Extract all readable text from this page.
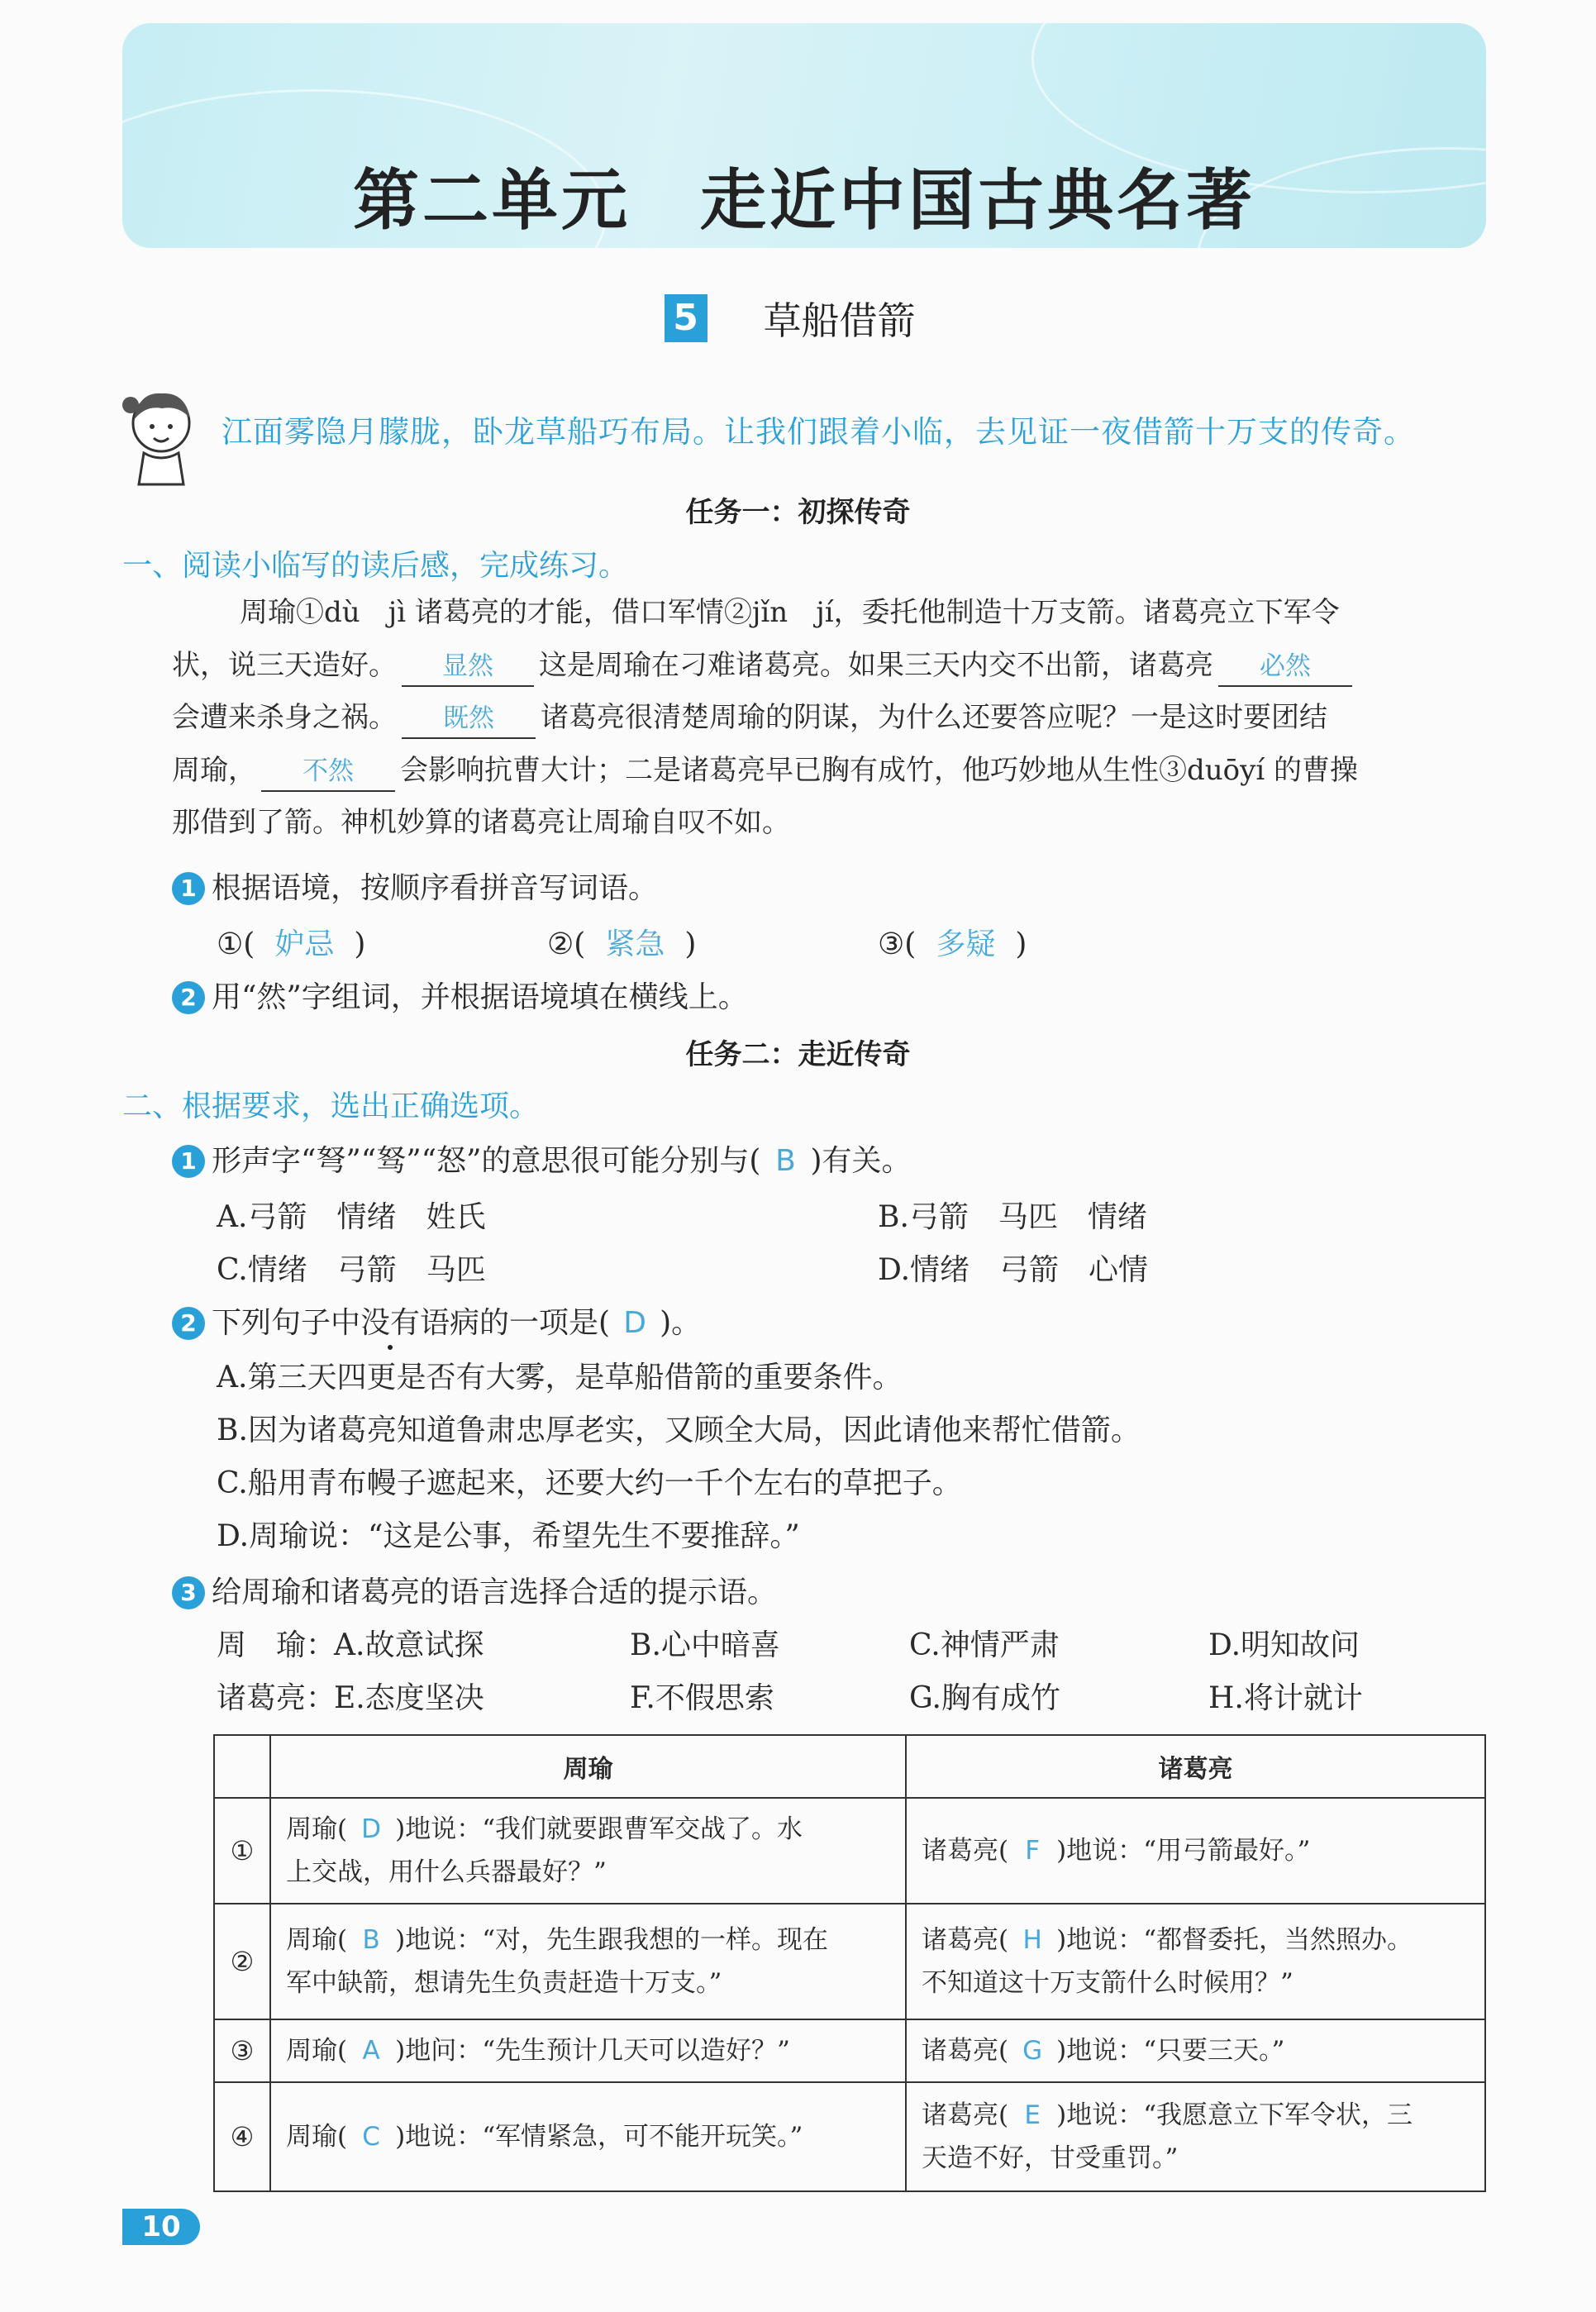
第二单元　走近中国古典名著
5 草船借箭
江面雾隐月朦胧，卧龙草船巧布局。让我们跟着小临，去见证一夜借箭十万支的传奇。
任务一：初探传奇
一、阅读小临写的读后感，完成练习。
周瑜①dù　jì 诸葛亮的才能，借口军情②jǐn　jí，委托他制造十万支箭。诸葛亮立下军令
状，说三天造好。 显然 这是周瑜在刁难诸葛亮。如果三天内交不出箭，诸葛亮 必然
会遭来杀身之祸。 既然 诸葛亮很清楚周瑜的阴谋，为什么还要答应呢？一是这时要团结
周瑜， 不然 会影响抗曹大计；二是诸葛亮早已胸有成竹，他巧妙地从生性③duōyí 的曹操
那借到了箭。神机妙算的诸葛亮让周瑜自叹不如。
1 根据语境，按顺序看拼音写词语。
①( 妒忌 )	②( 紧急 )	③( 多疑 )
2 用“然”字组词，并根据语境填在横线上。
任务二：走近传奇
二、根据要求，选出正确选项。
1 形声字“弩”“驽”“怒”的意思很可能分别与( B )有关。
A.弓箭　情绪　姓氏	B.弓箭　马匹　情绪
C.情绪　弓箭　马匹	D.情绪　弓箭　心情
2 下列句子中没有语病的一项是( D )。
A.第三天四更是否有大雾，是草船借箭的重要条件。
B.因为诸葛亮知道鲁肃忠厚老实，又顾全大局，因此请他来帮忙借箭。
C.船用青布幔子遮起来，还要大约一千个左右的草把子。
D.周瑜说：“这是公事，希望先生不要推辞。”
3 给周瑜和诸葛亮的语言选择合适的提示语。
周　瑜：
A.故意试探	B.心中暗喜	C.神情严肃	D.明知故问
诸葛亮：
E.态度坚决	F.不假思索	G.胸有成竹	H.将计就计
	周瑜	诸葛亮
①	周瑜( D )地说：“我们就要跟曹军交战了。水
上交战，用什么兵器最好？”	诸葛亮( F )地说：“用弓箭最好。”
②	周瑜( B )地说：“对，先生跟我想的一样。现在
军中缺箭，想请先生负责赶造十万支。”	诸葛亮( H )地说：“都督委托，当然照办。
不知道这十万支箭什么时候用？”
③	周瑜( A )地问：“先生预计几天可以造好？”	诸葛亮( G )地说：“只要三天。”
④	周瑜( C )地说：“军情紧急，可不能开玩笑。”	诸葛亮( E )地说：“我愿意立下军令状，三
天造不好，甘受重罚。”
10
